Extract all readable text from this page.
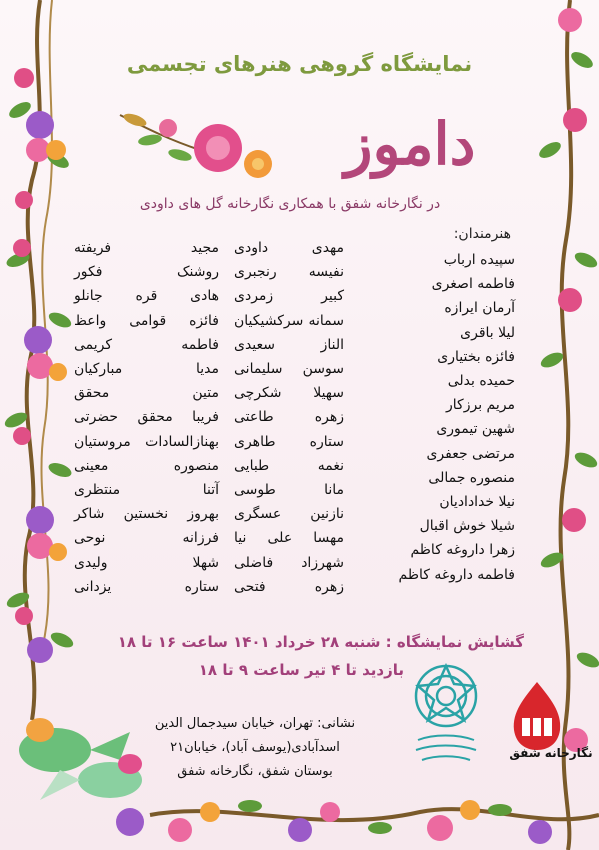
نمایشگاه گروهی هنرهای تجسمی
داموز
در نگارخانه شفق با همکاری نگارخانه گل های داودی
هنرمندان:
سپیده ارباب
فاطمه اصغری
آرمان ایرازه
لیلا باقری
فائزه بختیاری
حمیده بدلی
مریم برزکار
شهین تیموری
مرتضی جعفری
منصوره جمالی
نیلا خدادادیان
شیلا خوش اقبال
زهرا داروغه کاظم
فاطمه داروغه کاظم
مهدی داودی
نفیسه رنجبری
کبیر زمردی
سمانه سرکشیکیان
الناز سعیدی
سوسن سلیمانی
سهیلا شکرچی
زهره طاعتی
ستاره طاهری
نغمه طبایی
مانا طوسی
نازنین عسگری
مهسا علی نیا
شهرزاد فاضلی
زهره فتحی
مجید فریفته
روشنک فکور
هادی قره جانلو
فائزه قوامی واعظ
فاطمه کریمی
مدیا مبارکیان
متین محقق
فریبا محقق حضرتی
بهنازالسادات مروستیان
منصوره معینی
آتنا منتظری
بهروز نخستین شاکر
فرزانه نوحی
شهلا ولیدی
ستاره یزدانی
گشایش نمایشگاه : شنبه ۲۸ خرداد ۱۴۰۱ ساعت ۱۶ تا ۱۸
بازدید تا ۴ تیر ساعت ۹ تا ۱۸
نشانی: تهران، خیابان سیدجمال الدین
اسدآبادی(یوسف آباد)، خیابان۲۱
بوستان شفق، نگارخانه شفق
نگارخانه شفق
